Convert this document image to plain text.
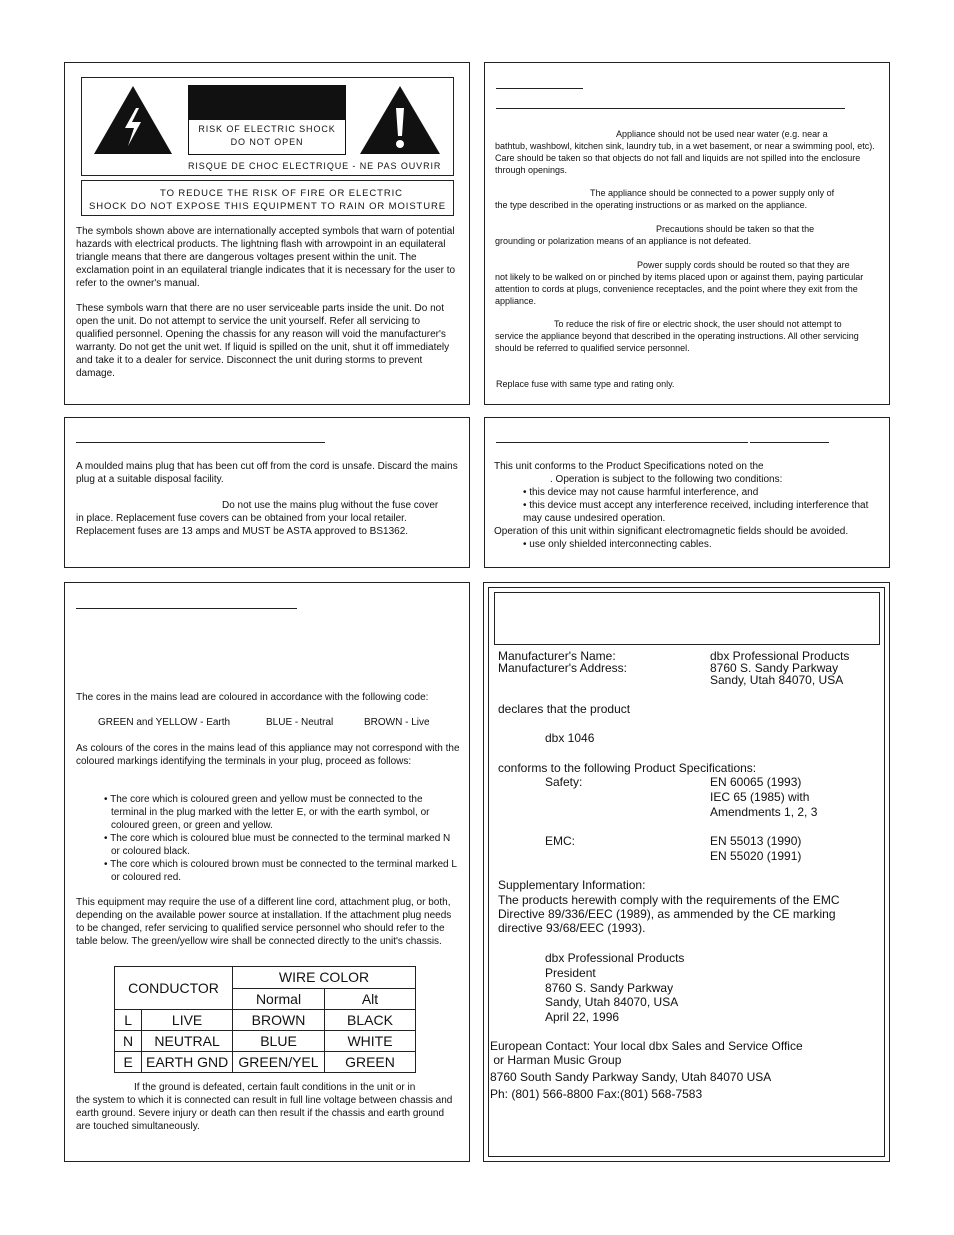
RISK OF ELECTRIC SHOCK
DO NOT OPEN
RISQUE DE CHOC ELECTRIQUE - NE PAS OUVRIR
TO REDUCE THE RISK OF FIRE OR ELECTRIC
SHOCK DO NOT EXPOSE THIS EQUIPMENT TO RAIN OR MOISTURE
The symbols shown above are internationally accepted symbols that warn of potential hazards with electrical products. The lightning flash with arrowpoint in an equilateral triangle means that there are dangerous voltages present within the unit. The exclamation point in an equilateral triangle indicates that it is necessary for the user to refer to the owner's manual.
These symbols warn that there are no user serviceable parts inside the unit. Do not open the unit. Do not attempt to service the unit yourself. Refer all servicing to qualified personnel. Opening the chassis for any reason will void the manufacturer's warranty. Do not get the unit wet. If liquid is spilled on the unit, shut it off immediately and take it to a dealer for service. Disconnect the unit during storms to prevent damage.
Appliance should not be used near water (e.g. near a
bathtub, washbowl, kitchen sink, laundry tub, in a wet basement, or near a swimming pool, etc). Care should be taken so that objects do not fall and liquids are not spilled into the enclosure through openings.
The appliance should be connected to a power supply only of
the type described in the operating instructions or as marked on the appliance.
Precautions should be taken so that the
grounding or polarization means of an appliance is not defeated.
Power supply cords should be routed so that they are
not likely to be walked on or pinched by items placed upon or against them, paying particular attention to cords at plugs, convenience receptacles, and the point where they exit from the appliance.
To reduce the risk of fire or electric shock, the user should not attempt to
service the appliance beyond that described in the operating instructions. All other servicing should be referred to qualified service personnel.
Replace fuse with same type and rating only.
A moulded mains plug that has been cut off from the cord is unsafe. Discard the mains plug at a suitable disposal facility.
Do not use the mains plug without the fuse cover
in place. Replacement fuse covers can be obtained from your local retailer. Replacement fuses are 13 amps and MUST be ASTA approved to BS1362.
This unit conforms to the Product Specifications noted on the
. Operation is subject to the following two conditions:
• this device may not cause harmful interference, and
• this device must accept any interference received, including interference that may cause undesired operation.
Operation of this unit within significant electromagnetic fields should be avoided.
• use only shielded interconnecting cables.
The cores in the mains lead are coloured in accordance with the following code:
GREEN and YELLOW - Earth	BLUE - Neutral	BROWN - Live
As colours of the cores in the mains lead of this appliance may not correspond with the coloured markings identifying the terminals in your plug, proceed as follows:
• The core which is coloured green and yellow must be connected to the terminal in the plug marked with the letter E, or with the earth symbol, or coloured green, or green and yellow.
• The core which is coloured blue must be connected to the terminal marked N or coloured black.
• The core which is coloured brown must be connected to the terminal marked L or coloured red.
This equipment may require the use of a different line cord, attachment plug, or both, depending on the available power source at installation. If the attachment plug needs to be changed, refer servicing to qualified service personnel who should refer to the table below. The green/yellow wire shall be connected directly to the unit's chassis.
CONDUCTOR		WIRE COLOR	
		Normal	Alt
L	LIVE	BROWN	BLACK
N	NEUTRAL	BLUE	WHITE
E	EARTH GND	GREEN/YEL	GREEN
If the ground is defeated, certain fault conditions in the unit or in
the system to which it is connected can result in full line voltage between chassis and earth ground. Severe injury or death can then result if the chassis and earth ground are touched simultaneously.
Manufacturer's Name:	dbx Professional Products
Manufacturer's Address:	8760 S. Sandy Parkway
Sandy, Utah 84070, USA
declares that the product
dbx 1046
conforms to the following Product Specifications:
Safety:	EN 60065 (1993)
IEC 65 (1985) with
Amendments 1, 2, 3
EMC:	EN 55013 (1990)
EN 55020 (1991)
Supplementary Information:
The products herewith comply with the requirements of the EMC
Directive 89/336/EEC (1989), as ammended by the CE marking
directive 93/68/EEC (1993).
dbx Professional Products
President
8760 S. Sandy Parkway
Sandy, Utah 84070, USA
April 22, 1996
European Contact: Your local dbx Sales and Service Office
or Harman Music Group
8760 South Sandy Parkway Sandy, Utah 84070 USA
Ph: (801) 566-8800 Fax:(801) 568-7583
